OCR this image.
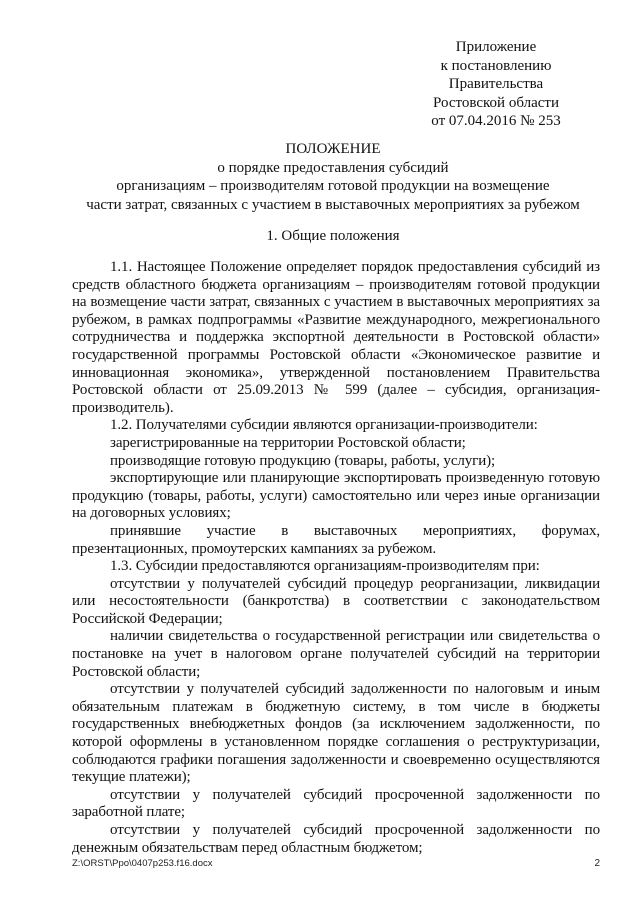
Приложение
к постановлению
Правительства
Ростовской области
от 07.04.2016 № 253
ПОЛОЖЕНИЕ
о порядке предоставления субсидий
организациям – производителям готовой продукции на возмещение
части затрат, связанных с участием в выставочных мероприятиях за рубежом
1. Общие положения

1.1. Настоящее Положение определяет порядок предоставления субсидий из средств областного бюджета организациям – производителям готовой продукции на возмещение части затрат, связанных с участием в выставочных мероприятиях за рубежом, в рамках подпрограммы «Развитие международного, межрегионального сотрудничества и поддержка экспортной деятельности в Ростовской области» государственной программы Ростовской области «Экономическое развитие и инновационная экономика», утвержденной постановлением Правительства Ростовской области от 25.09.2013 № 599 (далее – субсидия, организация-производитель).

1.2. Получателями субсидии являются организации-производители:

зарегистрированные на территории Ростовской области;

производящие готовую продукцию (товары, работы, услуги);

экспортирующие или планирующие экспортировать произведенную готовую продукцию (товары, работы, услуги) самостоятельно или через иные организации на договорных условиях;

принявшие участие в выставочных мероприятиях, форумах, презентационных, промоутерских кампаниях за рубежом.

1.3. Субсидии предоставляются организациям-производителям при:

отсутствии у получателей субсидий процедур реорганизации, ликвидации или несостоятельности (банкротства) в соответствии с законодательством Российской Федерации;

наличии свидетельства о государственной регистрации или свидетельства о постановке на учет в налоговом органе получателей субсидий на территории Ростовской области;

отсутствии у получателей субсидий задолженности по налоговым и иным обязательным платежам в бюджетную систему, в том числе в бюджеты государственных внебюджетных фондов (за исключением задолженности, по которой оформлены в установленном порядке соглашения о реструктуризации, соблюдаются графики погашения задолженности и своевременно осуществляются текущие платежи);

отсутствии у получателей субсидий просроченной задолженности по заработной плате;

отсутствии у получателей субсидий просроченной задолженности по денежным обязательствам перед областным бюджетом;

Z:\ORST\Ppo\0407p253.f16.docx	2
